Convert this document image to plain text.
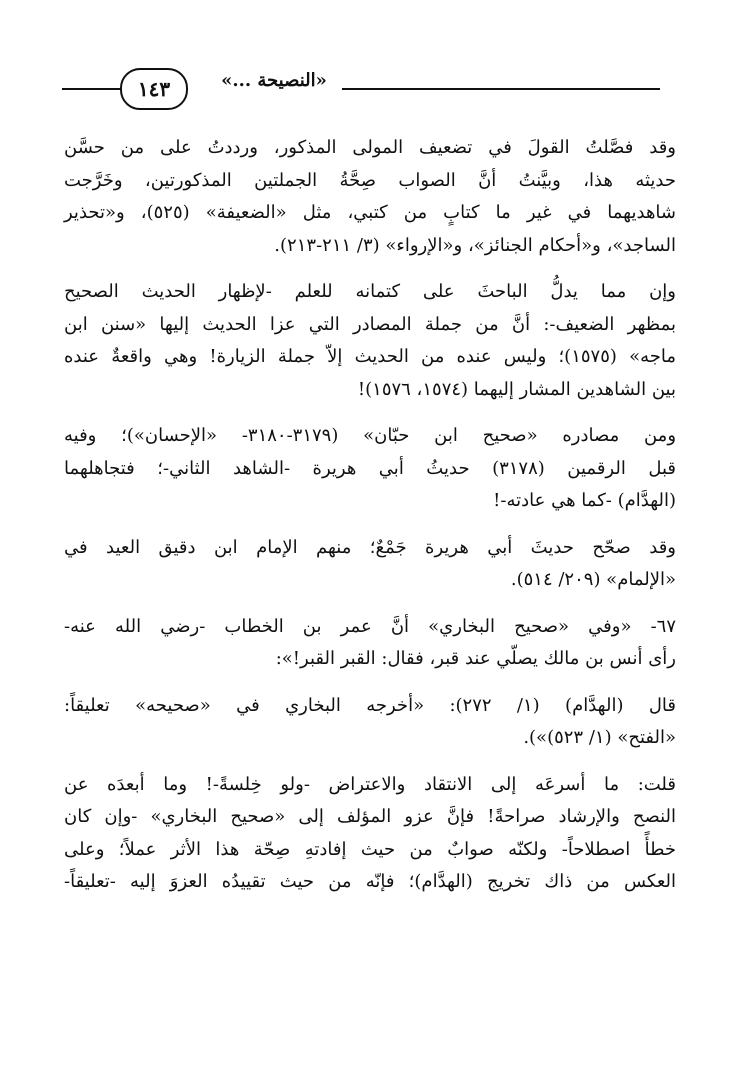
١٤٣	«النصيحة ...»

وقد فصَّلتُ القولَ في تضعيف المولى المذكور، ورددتُ على من حسَّن
حديثه هذا، وبيَّنتُ أنَّ الصواب صِحَّةُ الجملتين المذكورتين، وخَرَّجت
شاهديهما في غير ما كتابٍ من كتبي، مثل «الضعيفة» (٥٢٥)، و«تحذير
الساجد»، و«أحكام الجنائز»، و«الإرواء» (٣/ ٢١١-٢١٣).

وإن مما يدلُّ الباحثَ على كتمانه للعلم -لإظهار الحديث الصحيح
بمظهر الضعيف-: أنَّ من جملة المصادر التي عزا الحديث إليها «سنن ابن
ماجه» (١٥٧٥)؛ وليس عنده من الحديث إلاّ جملة الزيارة! وهي واقعةٌ عنده
بين الشاهدين المشار إليهما (١٥٧٤، ١٥٧٦)!

ومن مصادره «صحيح ابن حبّان» (٣١٧٩-٣١٨٠- «الإحسان»)؛ وفيه
قبل الرقمين (٣١٧٨) حديثُ أبي هريرة -الشاهد الثاني-؛ فتجاهلهما
(الهدَّام) -كما هي عادته-!

وقد صحّح حديثَ أبي هريرة جَمْعٌ؛ منهم الإمام ابن دقيق العيد في
«الإلمام» (٢٠٩/ ٥١٤).

٦٧- «وفي «صحيح البخاري» أنَّ عمر بن الخطاب -رضي الله عنه-
رأى أنس بن مالك يصلّي عند قبر، فقال: القبر القبر!»:

قال (الهدَّام) (١/ ٢٧٢): «أخرجه البخاري في «صحيحه» تعليقاً:
«الفتح» (١/ ٥٢٣)»).

قلت: ما أسرعَه إلى الانتقاد والاعتراض -ولو خِلسةً-! وما أبعدَه عن
النصح والإرشاد صراحةً! فإنَّ عزو المؤلف إلى «صحيح البخاري» -وإن كان
خطأً اصطلاحاً- ولكنّه صوابٌ من حيث إفادتهِ صِحّة هذا الأثر عملاً؛ وعلى
العكس من ذاك تخريج (الهدَّام)؛ فإنّه من حيث تقييدُه العزوَ إليه -تعليقاً-
